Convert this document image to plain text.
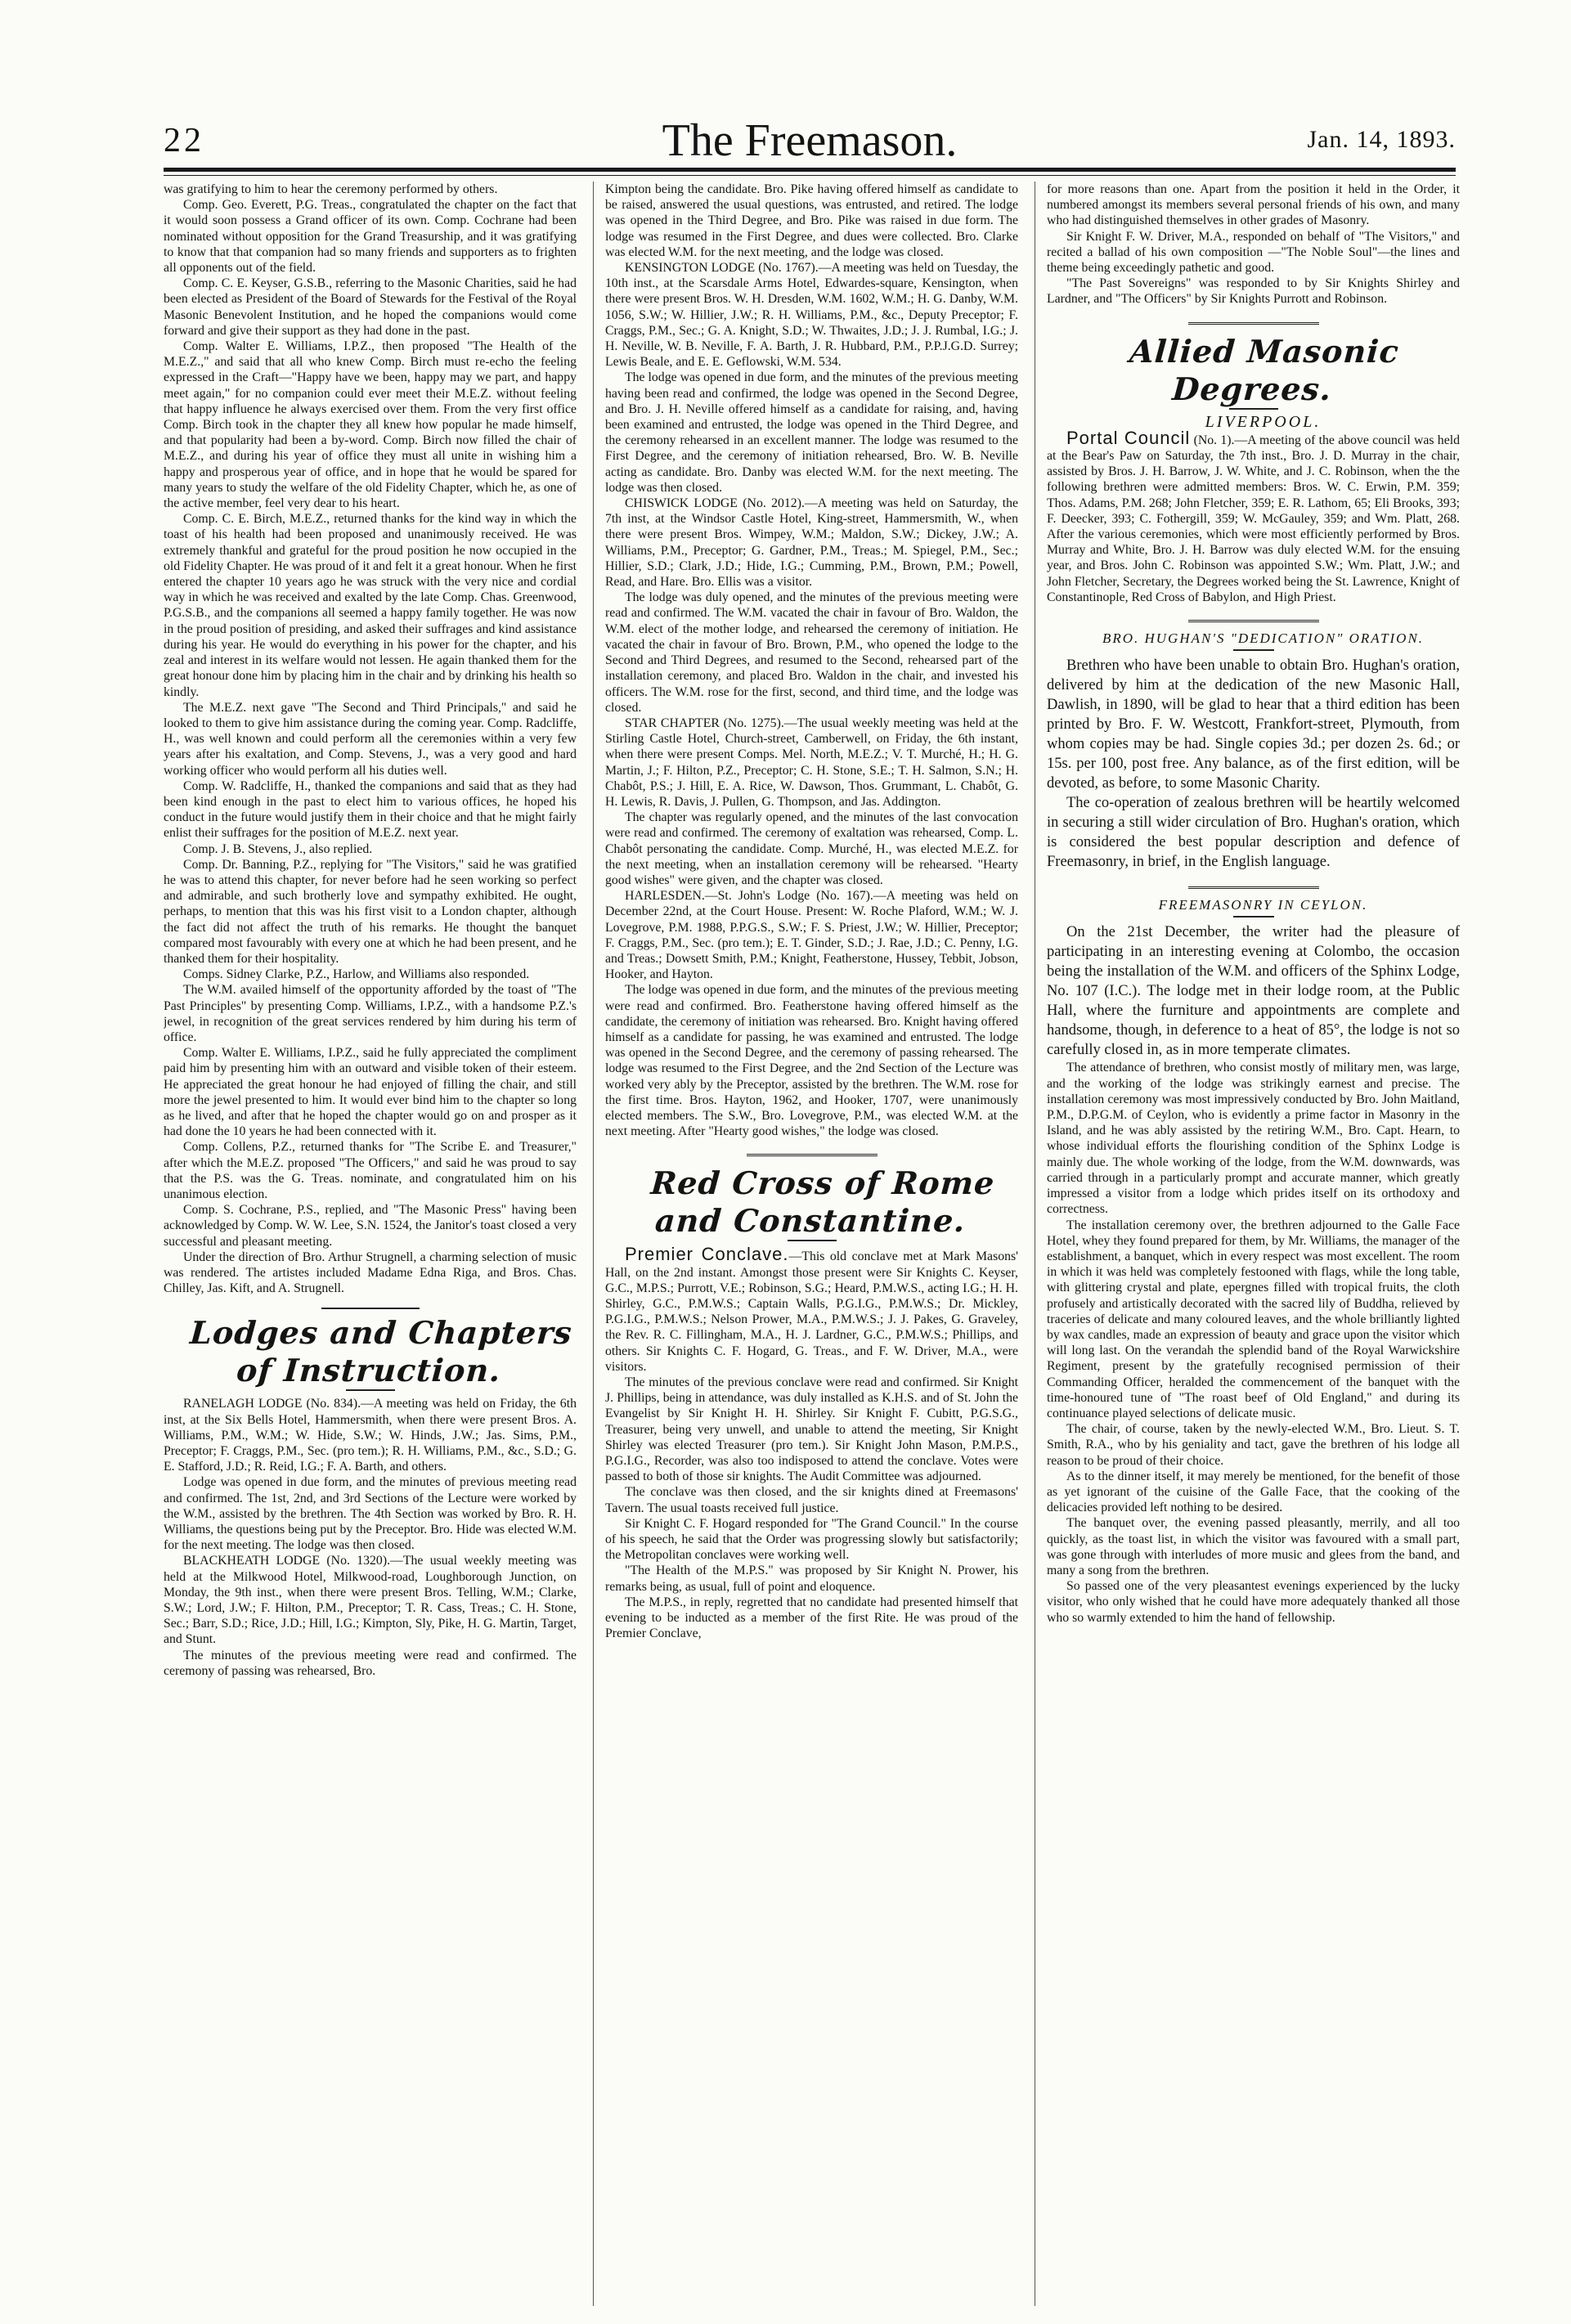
22	The Freemason.	Jan. 14, 1893.

was gratifying to him to hear the ceremony performed by others.

Comp. Geo. Everett, P.G. Treas., congratulated the chapter on the fact that it would soon possess a Grand officer of its own. Comp. Cochrane had been nominated without opposition for the Grand Treasurship, and it was gratifying to know that that companion had so many friends and supporters as to frighten all opponents out of the field.

Comp. C. E. Keyser, G.S.B., referring to the Masonic Charities, said he had been elected as President of the Board of Stewards for the Festival of the Royal Masonic Benevolent Institution, and he hoped the companions would come forward and give their support as they had done in the past.

Comp. Walter E. Williams, I.P.Z., then proposed "The Health of the M.E.Z.," and said that all who knew Comp. Birch must re-echo the feeling expressed in the Craft—"Happy have we been, happy may we part, and happy meet again," for no companion could ever meet their M.E.Z. without feeling that happy influence he always exercised over them. From the very first office Comp. Birch took in the chapter they all knew how popular he made himself, and that popularity had been a by-word. Comp. Birch now filled the chair of M.E.Z., and during his year of office they must all unite in wishing him a happy and prosperous year of office, and in hope that he would be spared for many years to study the welfare of the old Fidelity Chapter, which he, as one of the active member, feel very dear to his heart.

Comp. C. E. Birch, M.E.Z., returned thanks for the kind way in which the toast of his health had been proposed and unanimously received. He was extremely thankful and grateful for the proud position he now occupied in the old Fidelity Chapter. He was proud of it and felt it a great honour. When he first entered the chapter 10 years ago he was struck with the very nice and cordial way in which he was received and exalted by the late Comp. Chas. Greenwood, P.G.S.B., and the companions all seemed a happy family together. He was now in the proud position of presiding, and asked their suffrages and kind assistance during his year. He would do everything in his power for the chapter, and his zeal and interest in its welfare would not lessen. He again thanked them for the great honour done him by placing him in the chair and by drinking his health so kindly.

The M.E.Z. next gave "The Second and Third Principals," and said he looked to them to give him assistance during the coming year. Comp. Radcliffe, H., was well known and could perform all the ceremonies within a very few years after his exaltation, and Comp. Stevens, J., was a very good and hard working officer who would perform all his duties well.

Comp. W. Radcliffe, H., thanked the companions and said that as they had been kind enough in the past to elect him to various offices, he hoped his conduct in the future would justify them in their choice and that he might fairly enlist their suffrages for the position of M.E.Z. next year.

Comp. J. B. Stevens, J., also replied.

Comp. Dr. Banning, P.Z., replying for "The Visitors," said he was gratified he was to attend this chapter, for never before had he seen working so perfect and admirable, and such brotherly love and sympathy exhibited. He ought, perhaps, to mention that this was his first visit to a London chapter, although the fact did not affect the truth of his remarks. He thought the banquet compared most favourably with every one at which he had been present, and he thanked them for their hospitality.

Comps. Sidney Clarke, P.Z., Harlow, and Williams also responded.

The W.M. availed himself of the opportunity afforded by the toast of "The Past Principles" by presenting Comp. Williams, I.P.Z., with a handsome P.Z.'s jewel, in recognition of the great services rendered by him during his term of office.

Comp. Walter E. Williams, I.P.Z., said he fully appreciated the compliment paid him by presenting him with an outward and visible token of their esteem. He appreciated the great honour he had enjoyed of filling the chair, and still more the jewel presented to him. It would ever bind him to the chapter so long as he lived, and after that he hoped the chapter would go on and prosper as it had done the 10 years he had been connected with it.

Comp. Collens, P.Z., returned thanks for "The Scribe E. and Treasurer," after which the M.E.Z. proposed "The Officers," and said he was proud to say that the P.S. was the G. Treas. nominate, and congratulated him on his unanimous election.

Comp. S. Cochrane, P.S., replied, and "The Masonic Press" having been acknowledged by Comp. W. W. Lee, S.N. 1524, the Janitor's toast closed a very successful and pleasant meeting.

Under the direction of Bro. Arthur Strugnell, a charming selection of music was rendered. The artistes included Madame Edna Riga, and Bros. Chas. Chilley, Jas. Kift, and A. Strugnell.

Lodges and Chapters of Instruction.

RANELAGH LODGE (No. 834).—A meeting was held on Friday, the 6th inst, at the Six Bells Hotel, Hammersmith, when there were present Bros. A. Williams, P.M., W.M.; W. Hide, S.W.; W. Hinds, J.W.; Jas. Sims, P.M., Preceptor; F. Craggs, P.M., Sec. (pro tem.); R. H. Williams, P.M., &c., S.D.; G. E. Stafford, J.D.; R. Reid, I.G.; F. A. Barth, and others.

Lodge was opened in due form, and the minutes of previous meeting read and confirmed. The 1st, 2nd, and 3rd Sections of the Lecture were worked by the W.M., assisted by the brethren. The 4th Section was worked by Bro. R. H. Williams, the questions being put by the Preceptor. Bro. Hide was elected W.M. for the next meeting. The lodge was then closed.

BLACKHEATH LODGE (No. 1320).—The usual weekly meeting was held at the Milkwood Hotel, Milkwood-road, Loughborough Junction, on Monday, the 9th inst., when there were present Bros. Telling, W.M.; Clarke, S.W.; Lord, J.W.; F. Hilton, P.M., Preceptor; T. R. Cass, Treas.; C. H. Stone, Sec.; Barr, S.D.; Rice, J.D.; Hill, I.G.; Kimpton, Sly, Pike, H. G. Martin, Target, and Stunt.

The minutes of the previous meeting were read and confirmed. The ceremony of passing was rehearsed, Bro.

Kimpton being the candidate. Bro. Pike having offered himself as candidate to be raised, answered the usual questions, was entrusted, and retired. The lodge was opened in the Third Degree, and Bro. Pike was raised in due form. The lodge was resumed in the First Degree, and dues were collected. Bro. Clarke was elected W.M. for the next meeting, and the lodge was closed.

KENSINGTON LODGE (No. 1767).—A meeting was held on Tuesday, the 10th inst., at the Scarsdale Arms Hotel, Edwardes-square, Kensington, when there were present Bros. W. H. Dresden, W.M. 1602, W.M.; H. G. Danby, W.M. 1056, S.W.; W. Hillier, J.W.; R. H. Williams, P.M., &c., Deputy Preceptor; F. Craggs, P.M., Sec.; G. A. Knight, S.D.; W. Thwaites, J.D.; J. J. Rumbal, I.G.; J. H. Neville, W. B. Neville, F. A. Barth, J. R. Hubbard, P.M., P.P.J.G.D. Surrey; Lewis Beale, and E. E. Geflowski, W.M. 534.

The lodge was opened in due form, and the minutes of the previous meeting having been read and confirmed, the lodge was opened in the Second Degree, and Bro. J. H. Neville offered himself as a candidate for raising, and, having been examined and entrusted, the lodge was opened in the Third Degree, and the ceremony rehearsed in an excellent manner. The lodge was resumed to the First Degree, and the ceremony of initiation rehearsed, Bro. W. B. Neville acting as candidate. Bro. Danby was elected W.M. for the next meeting. The lodge was then closed.

CHISWICK LODGE (No. 2012).—A meeting was held on Saturday, the 7th inst, at the Windsor Castle Hotel, King-street, Hammersmith, W., when there were present Bros. Wimpey, W.M.; Maldon, S.W.; Dickey, J.W.; A. Williams, P.M., Preceptor; G. Gardner, P.M., Treas.; M. Spiegel, P.M., Sec.; Hillier, S.D.; Clark, J.D.; Hide, I.G.; Cumming, P.M., Brown, P.M.; Powell, Read, and Hare. Bro. Ellis was a visitor.

The lodge was duly opened, and the minutes of the previous meeting were read and confirmed. The W.M. vacated the chair in favour of Bro. Waldon, the W.M. elect of the mother lodge, and rehearsed the ceremony of initiation. He vacated the chair in favour of Bro. Brown, P.M., who opened the lodge to the Second and Third Degrees, and resumed to the Second, rehearsed part of the installation ceremony, and placed Bro. Waldon in the chair, and invested his officers. The W.M. rose for the first, second, and third time, and the lodge was closed.

STAR CHAPTER (No. 1275).—The usual weekly meeting was held at the Stirling Castle Hotel, Church-street, Camberwell, on Friday, the 6th instant, when there were present Comps. Mel. North, M.E.Z.; V. T. Murché, H.; H. G. Martin, J.; F. Hilton, P.Z., Preceptor; C. H. Stone, S.E.; T. H. Salmon, S.N.; H. Chabôt, P.S.; J. Hill, E. A. Rice, W. Dawson, Thos. Grummant, L. Chabôt, G. H. Lewis, R. Davis, J. Pullen, G. Thompson, and Jas. Addington.

The chapter was regularly opened, and the minutes of the last convocation were read and confirmed. The ceremony of exaltation was rehearsed, Comp. L. Chabôt personating the candidate. Comp. Murché, H., was elected M.E.Z. for the next meeting, when an installation ceremony will be rehearsed. "Hearty good wishes" were given, and the chapter was closed.

HARLESDEN.—St. John's Lodge (No. 167).—A meeting was held on December 22nd, at the Court House. Present: W. Roche Plaford, W.M.; W. J. Lovegrove, P.M. 1988, P.P.G.S., S.W.; F. S. Priest, J.W.; W. Hillier, Preceptor; F. Craggs, P.M., Sec. (pro tem.); E. T. Ginder, S.D.; J. Rae, J.D.; C. Penny, I.G. and Treas.; Dowsett Smith, P.M.; Knight, Featherstone, Hussey, Tebbit, Jobson, Hooker, and Hayton.

The lodge was opened in due form, and the minutes of the previous meeting were read and confirmed. Bro. Featherstone having offered himself as the candidate, the ceremony of initiation was rehearsed. Bro. Knight having offered himself as a candidate for passing, he was examined and entrusted. The lodge was opened in the Second Degree, and the ceremony of passing rehearsed. The lodge was resumed to the First Degree, and the 2nd Section of the Lecture was worked very ably by the Preceptor, assisted by the brethren. The W.M. rose for the first time. Bros. Hayton, 1962, and Hooker, 1707, were unanimously elected members. The S.W., Bro. Lovegrove, P.M., was elected W.M. at the next meeting. After "Hearty good wishes," the lodge was closed.

Red Cross of Rome and Constantine.

Premier Conclave.—This old conclave met at Mark Masons' Hall, on the 2nd instant. Amongst those present were Sir Knights C. Keyser, G.C., M.P.S.; Purrott, V.E.; Robinson, S.G.; Heard, P.M.W.S., acting I.G.; H. H. Shirley, G.C., P.M.W.S.; Captain Walls, P.G.I.G., P.M.W.S.; Dr. Mickley, P.G.I.G., P.M.W.S.; Nelson Prower, M.A., P.M.W.S.; J. J. Pakes, G. Graveley, the Rev. R. C. Fillingham, M.A., H. J. Lardner, G.C., P.M.W.S.; Phillips, and others. Sir Knights C. F. Hogard, G. Treas., and F. W. Driver, M.A., were visitors.

The minutes of the previous conclave were read and confirmed. Sir Knight J. Phillips, being in attendance, was duly installed as K.H.S. and of St. John the Evangelist by Sir Knight H. H. Shirley. Sir Knight F. Cubitt, P.G.S.G., Treasurer, being very unwell, and unable to attend the meeting, Sir Knight Shirley was elected Treasurer (pro tem.). Sir Knight John Mason, P.M.P.S., P.G.I.G., Recorder, was also too indisposed to attend the conclave. Votes were passed to both of those sir knights. The Audit Committee was adjourned.

The conclave was then closed, and the sir knights dined at Freemasons' Tavern. The usual toasts received full justice.

Sir Knight C. F. Hogard responded for "The Grand Council." In the course of his speech, he said that the Order was progressing slowly but satisfactorily; the Metropolitan conclaves were working well.

"The Health of the M.P.S." was proposed by Sir Knight N. Prower, his remarks being, as usual, full of point and eloquence.

The M.P.S., in reply, regretted that no candidate had presented himself that evening to be inducted as a member of the first Rite. He was proud of the Premier Conclave,

for more reasons than one. Apart from the position it held in the Order, it numbered amongst its members several personal friends of his own, and many who had distinguished themselves in other grades of Masonry.

Sir Knight F. W. Driver, M.A., responded on behalf of "The Visitors," and recited a ballad of his own composition —"The Noble Soul"—the lines and theme being exceedingly pathetic and good.

"The Past Sovereigns" was responded to by Sir Knights Shirley and Lardner, and "The Officers" by Sir Knights Purrott and Robinson.

Allied Masonic Degrees.

LIVERPOOL.

Portal Council (No. 1).—A meeting of the above council was held at the Bear's Paw on Saturday, the 7th inst., Bro. J. D. Murray in the chair, assisted by Bros. J. H. Barrow, J. W. White, and J. C. Robinson, when the the following brethren were admitted members: Bros. W. C. Erwin, P.M. 359; Thos. Adams, P.M. 268; John Fletcher, 359; E. R. Lathom, 65; Eli Brooks, 393; F. Deecker, 393; C. Fothergill, 359; W. McGauley, 359; and Wm. Platt, 268. After the various ceremonies, which were most efficiently performed by Bros. Murray and White, Bro. J. H. Barrow was duly elected W.M. for the ensuing year, and Bros. John C. Robinson was appointed S.W.; Wm. Platt, J.W.; and John Fletcher, Secretary, the Degrees worked being the St. Lawrence, Knight of Constantinople, Red Cross of Babylon, and High Priest.

BRO. HUGHAN'S "DEDICATION" ORATION.

Brethren who have been unable to obtain Bro. Hughan's oration, delivered by him at the dedication of the new Masonic Hall, Dawlish, in 1890, will be glad to hear that a third edition has been printed by Bro. F. W. Westcott, Frankfort-street, Plymouth, from whom copies may be had. Single copies 3d.; per dozen 2s. 6d.; or 15s. per 100, post free. Any balance, as of the first edition, will be devoted, as before, to some Masonic Charity.

The co-operation of zealous brethren will be heartily welcomed in securing a still wider circulation of Bro. Hughan's oration, which is considered the best popular description and defence of Freemasonry, in brief, in the English language.

FREEMASONRY IN CEYLON.

On the 21st December, the writer had the pleasure of participating in an interesting evening at Colombo, the occasion being the installation of the W.M. and officers of the Sphinx Lodge, No. 107 (I.C.). The lodge met in their lodge room, at the Public Hall, where the furniture and appointments are complete and handsome, though, in deference to a heat of 85°, the lodge is not so carefully closed in, as in more temperate climates.

The attendance of brethren, who consist mostly of military men, was large, and the working of the lodge was strikingly earnest and precise. The installation ceremony was most impressively conducted by Bro. John Maitland, P.M., D.P.G.M. of Ceylon, who is evidently a prime factor in Masonry in the Island, and he was ably assisted by the retiring W.M., Bro. Capt. Hearn, to whose individual efforts the flourishing condition of the Sphinx Lodge is mainly due. The whole working of the lodge, from the W.M. downwards, was carried through in a particularly prompt and accurate manner, which greatly impressed a visitor from a lodge which prides itself on its orthodoxy and correctness.

The installation ceremony over, the brethren adjourned to the Galle Face Hotel, whey they found prepared for them, by Mr. Williams, the manager of the establishment, a banquet, which in every respect was most excellent. The room in which it was held was completely festooned with flags, while the long table, with glittering crystal and plate, epergnes filled with tropical fruits, the cloth profusely and artistically decorated with the sacred lily of Buddha, relieved by traceries of delicate and many coloured leaves, and the whole brilliantly lighted by wax candles, made an expression of beauty and grace upon the visitor which will long last. On the verandah the splendid band of the Royal Warwickshire Regiment, present by the gratefully recognised permission of their Commanding Officer, heralded the commencement of the banquet with the time-honoured tune of "The roast beef of Old England," and during its continuance played selections of delicate music.

The chair, of course, taken by the newly-elected W.M., Bro. Lieut. S. T. Smith, R.A., who by his geniality and tact, gave the brethren of his lodge all reason to be proud of their choice.

As to the dinner itself, it may merely be mentioned, for the benefit of those as yet ignorant of the cuisine of the Galle Face, that the cooking of the delicacies provided left nothing to be desired.

The banquet over, the evening passed pleasantly, merrily, and all too quickly, as the toast list, in which the visitor was favoured with a small part, was gone through with interludes of more music and glees from the band, and many a song from the brethren.

So passed one of the very pleasantest evenings experienced by the lucky visitor, who only wished that he could have more adequately thanked all those who so warmly extended to him the hand of fellowship.
